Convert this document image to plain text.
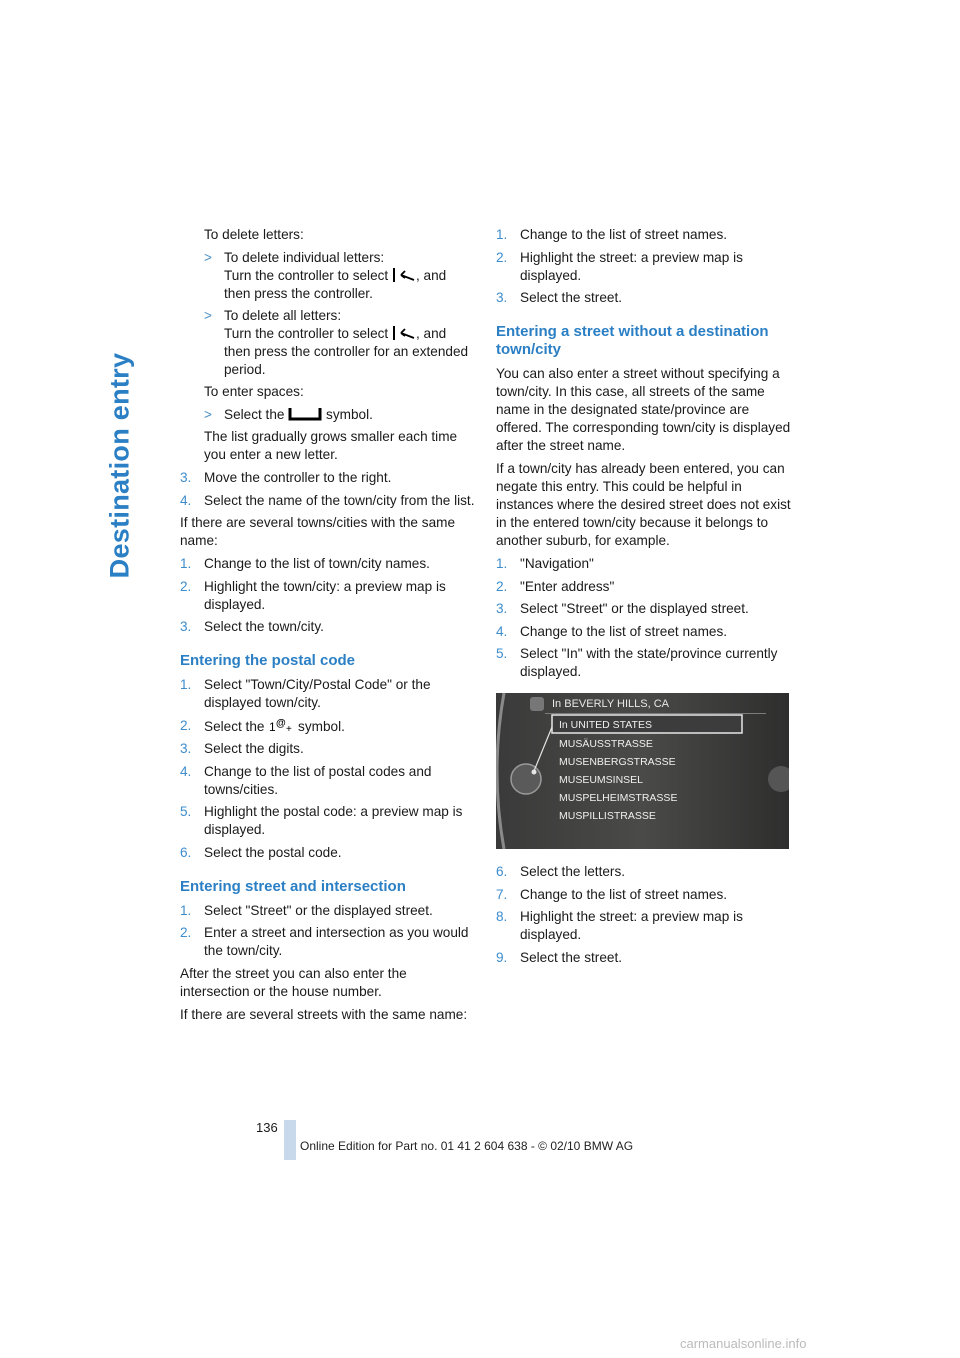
Destination entry

To delete letters:

> To delete individual letters:
Turn the controller to select , and then press the controller.
> To delete all letters:
Turn the controller to select , and then press the controller for an extended period.

To enter spaces:

> Select the	symbol.

The list gradually grows smaller each time you enter a new letter.

3. Move the controller to the right.
4. Select the name of the town/city from the list.

If there are several towns/cities with the same name:

1. Change to the list of town/city names.
2. Highlight the town/city: a preview map is displayed.
3. Select the town/city.
Entering the postal code
1. Select "Town/City/Postal Code" or the displayed town/city.
2. Select the 1 @
+ symbol.
3. Select the digits.
4. Change to the list of postal codes and towns/cities.
5. Highlight the postal code: a preview map is displayed.
6. Select the postal code.
Entering street and intersection
1. Select "Street" or the displayed street.
2. Enter a street and intersection as you would the town/city.

After the street you can also enter the intersection or the house number.

If there are several streets with the same name:

1. Change to the list of street names.
2. Highlight the street: a preview map is displayed.
3. Select the street.
Entering a street without a destination town/city

You can also enter a street without specifying a town/city. In this case, all streets of the same name in the designated state/province are offered. The corresponding town/city is displayed after the street name.

If a town/city has already been entered, you can negate this entry. This could be helpful in instances where the desired street does not exist in the entered town/city because it belongs to another suburb, for example.

1. "Navigation"
2. "Enter address"
3. Select "Street" or the displayed street.
4. Change to the list of street names.
5. Select "In" with the state/province currently displayed.
In BEVERLY HILLS, CA
In UNITED STATES
MUSÄUSSTRASSE
MUSENBERGSTRASSE
MUSEUMSINSEL
MUSPELHEIMSTRASSE
MUSPILLISTRASSE
6. Select the letters.
7. Change to the list of street names.
8. Highlight the street: a preview map is displayed.
9. Select the street.
136
Online Edition for Part no. 01 41 2 604 638 - © 02/10 BMW AG
carmanualsonline.info
